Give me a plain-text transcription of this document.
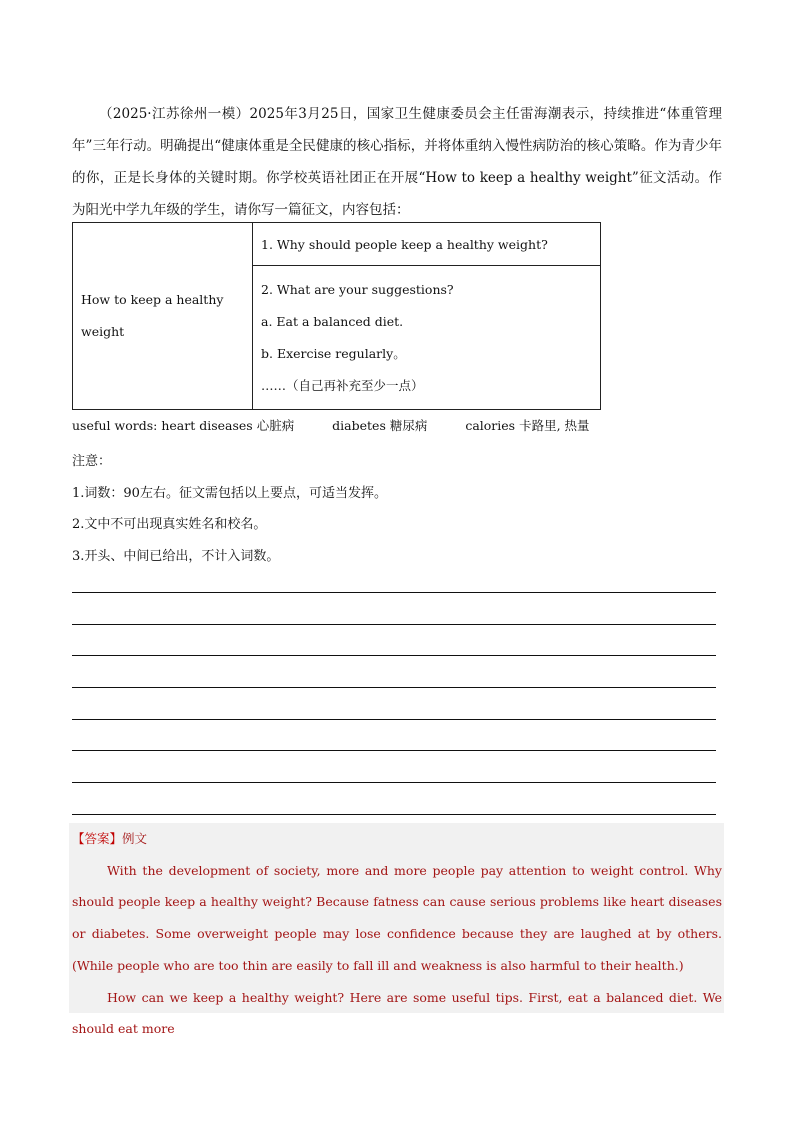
（2025·江苏徐州一模）2025年3月25日，国家卫生健康委员会主任雷海潮表示，持续推进“体重管理年”三年行动。明确提出“健康体重是全民健康的核心指标，并将体重纳入慢性病防治的核心策略。作为青少年的你，正是长身体的关键时期。你学校英语社团正在开展“How to keep a healthy weight”征文活动。作为阳光中学九年级的学生，请你写一篇征文，内容包括：

How to keep a healthy weight	1. Why should people keep a healthy weight?

2. What are your suggestions?
a. Eat a balanced diet.
b. Exercise regularly。
……（自己再补充至少一点）
useful words: heart diseases 心脏病	diabetes 糖尿病	calories 卡路里, 热量
注意：
1.词数：90左右。征文需包括以上要点，可适当发挥。
2.文中不可出现真实姓名和校名。
3.开头、中间已给出，不计入词数。
【答案】例文

With the development of society, more and more people pay attention to weight control. Why should people keep a healthy weight? Because fatness can cause serious problems like heart diseases or diabetes. Some overweight people may lose confidence because they are laughed at by others. (While people who are too thin are easily to fall ill and weakness is also harmful to their health.)

How can we keep a healthy weight? Here are some useful tips. First, eat a balanced diet. We should eat more
